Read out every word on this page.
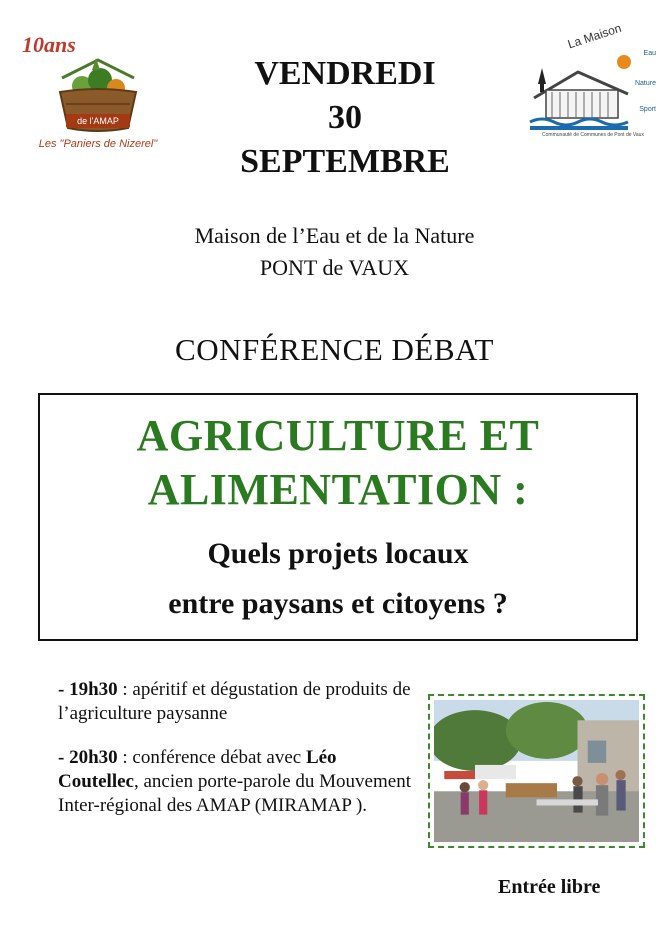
10ans
de l'AMAP
Les "Paniers de Nizerel"
La Maison
Eau
Nature
Sport
Communauté de Communes de Pont de Vaux
VENDREDI
30
SEPTEMBRE
Maison de l’Eau et de la Nature
PONT de VAUX
CONFÉRENCE DÉBAT
AGRICULTURE ET
ALIMENTATION :
Quels projets locaux
entre paysans et citoyens ?

- 19h30 : apéritif et dégustation de produits de l’agriculture paysanne

- 20h30 : conférence débat avec Léo Coutellec, ancien porte-parole du Mouvement Inter-régional des AMAP (MIRAMAP ).

Entrée libre
